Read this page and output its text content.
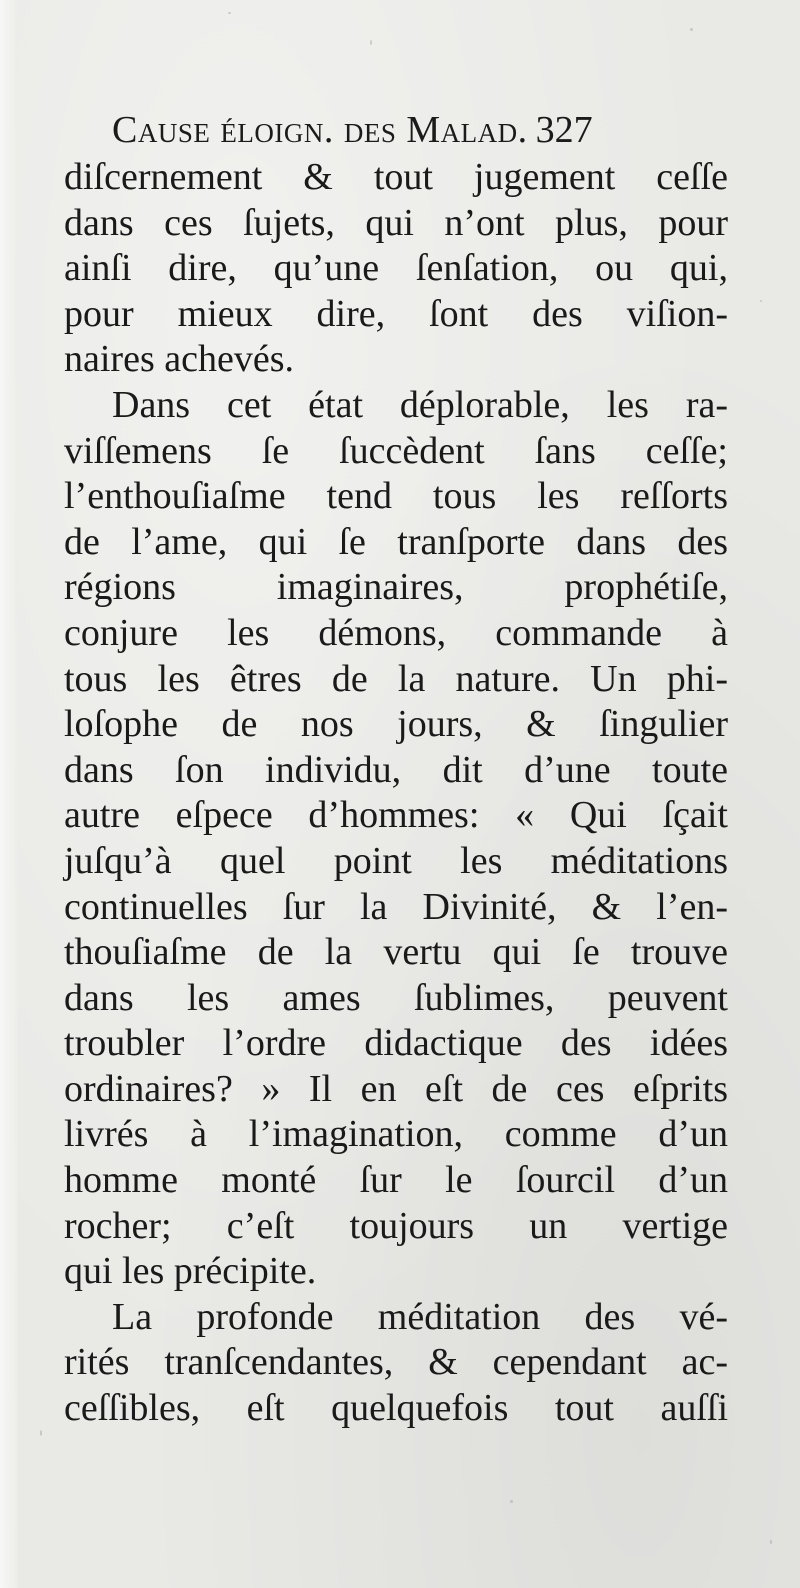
Cause éloign. des Malad. 327
diſcernement & tout jugement ceſſe
dans ces ſujets, qui n’ont plus, pour
ainſi dire, qu’une ſenſation, ou qui,
pour mieux dire, ſont des viſion-
naires achevés.
Dans cet état déplorable, les ra-
viſſemens ſe ſuccèdent ſans ceſſe;
l’enthouſiaſme tend tous les reſſorts
de l’ame, qui ſe tranſporte dans des
régions imaginaires, prophétiſe,
conjure les démons, commande à
tous les êtres de la nature. Un phi-
loſophe de nos jours, & ſingulier
dans ſon individu, dit d’une toute
autre eſpece d’hommes: « Qui ſçait
juſqu’à quel point les méditations
continuelles ſur la Divinité, & l’en-
thouſiaſme de la vertu qui ſe trouve
dans les ames ſublimes, peuvent
troubler l’ordre didactique des idées
ordinaires? » Il en eſt de ces eſprits
livrés à l’imagination, comme d’un
homme monté ſur le ſourcil d’un
rocher; c’eſt toujours un vertige
qui les précipite.
La profonde méditation des vé-
rités tranſcendantes, & cependant ac-
ceſſibles, eſt quelquefois tout auſſi
